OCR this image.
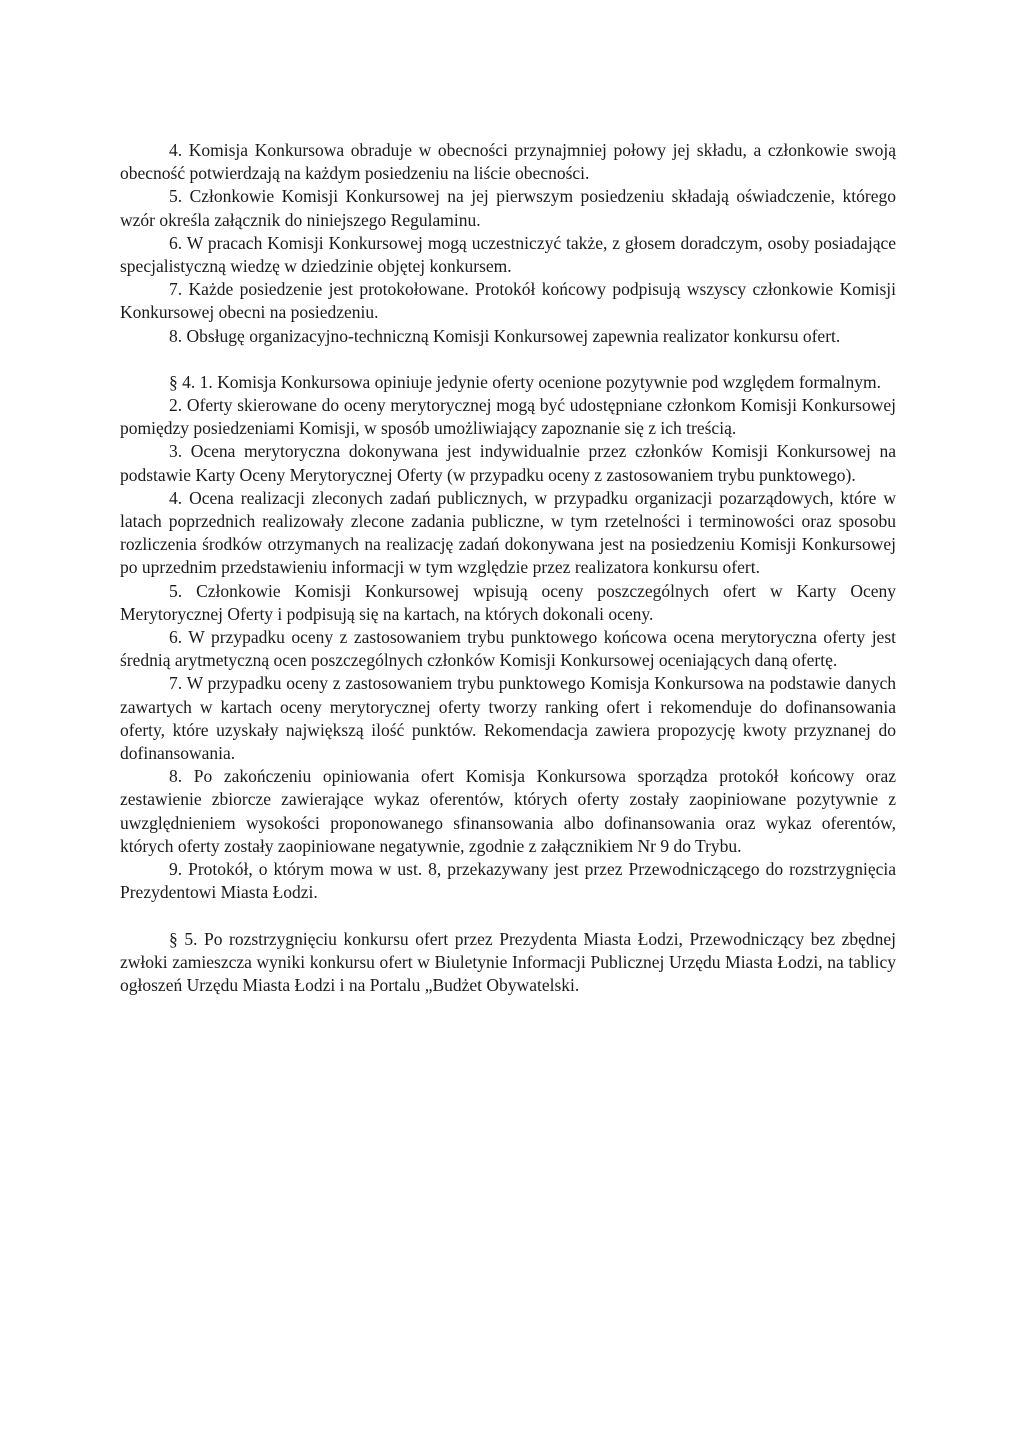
4. Komisja Konkursowa obraduje w obecności przynajmniej połowy jej składu, a członkowie swoją obecność potwierdzają na każdym posiedzeniu na liście obecności.

5. Członkowie Komisji Konkursowej na jej pierwszym posiedzeniu składają oświadczenie, którego wzór określa załącznik do niniejszego Regulaminu.

6. W pracach Komisji Konkursowej mogą uczestniczyć także, z głosem doradczym, osoby posiadające specjalistyczną wiedzę w dziedzinie objętej konkursem.

7. Każde posiedzenie jest protokołowane. Protokół końcowy podpisują wszyscy członkowie Komisji Konkursowej obecni na posiedzeniu.

8. Obsługę organizacyjno-techniczną Komisji Konkursowej zapewnia realizator konkursu ofert.

§ 4. 1. Komisja Konkursowa opiniuje jedynie oferty ocenione pozytywnie pod względem formalnym.

2. Oferty skierowane do oceny merytorycznej mogą być udostępniane członkom Komisji Konkursowej pomiędzy posiedzeniami Komisji, w sposób umożliwiający zapoznanie się z ich treścią.

3. Ocena merytoryczna dokonywana jest indywidualnie przez członków Komisji Konkursowej na podstawie Karty Oceny Merytorycznej Oferty (w przypadku oceny z zastosowaniem trybu punktowego).

4. Ocena realizacji zleconych zadań publicznych, w przypadku organizacji pozarządowych, które w latach poprzednich realizowały zlecone zadania publiczne, w tym rzetelności i terminowości oraz sposobu rozliczenia środków otrzymanych na realizację zadań dokonywana jest na posiedzeniu Komisji Konkursowej po uprzednim przedstawieniu informacji w tym względzie przez realizatora konkursu ofert.

5. Członkowie Komisji Konkursowej wpisują oceny poszczególnych ofert w Karty Oceny Merytorycznej Oferty i podpisują się na kartach, na których dokonali oceny.

6. W przypadku oceny z zastosowaniem trybu punktowego końcowa ocena merytoryczna oferty jest średnią arytmetyczną ocen poszczególnych członków Komisji Konkursowej oceniających daną ofertę.

7. W przypadku oceny z zastosowaniem trybu punktowego Komisja Konkursowa na podstawie danych zawartych w kartach oceny merytorycznej oferty tworzy ranking ofert i rekomenduje do dofinansowania oferty, które uzyskały największą ilość punktów. Rekomendacja zawiera propozycję kwoty przyznanej do dofinansowania.

8. Po zakończeniu opiniowania ofert Komisja Konkursowa sporządza protokół końcowy oraz zestawienie zbiorcze zawierające wykaz oferentów, których oferty zostały zaopiniowane pozytywnie z uwzględnieniem wysokości proponowanego sfinansowania albo dofinansowania oraz wykaz oferentów, których oferty zostały zaopiniowane negatywnie, zgodnie z załącznikiem Nr 9 do Trybu.

9. Protokół, o którym mowa w ust. 8, przekazywany jest przez Przewodniczącego do rozstrzygnięcia Prezydentowi Miasta Łodzi.

§ 5. Po rozstrzygnięciu konkursu ofert przez Prezydenta Miasta Łodzi, Przewodniczący bez zbędnej zwłoki zamieszcza wyniki konkursu ofert w Biuletynie Informacji Publicznej Urzędu Miasta Łodzi, na tablicy ogłoszeń Urzędu Miasta Łodzi i na Portalu „Budżet Obywatelski.
